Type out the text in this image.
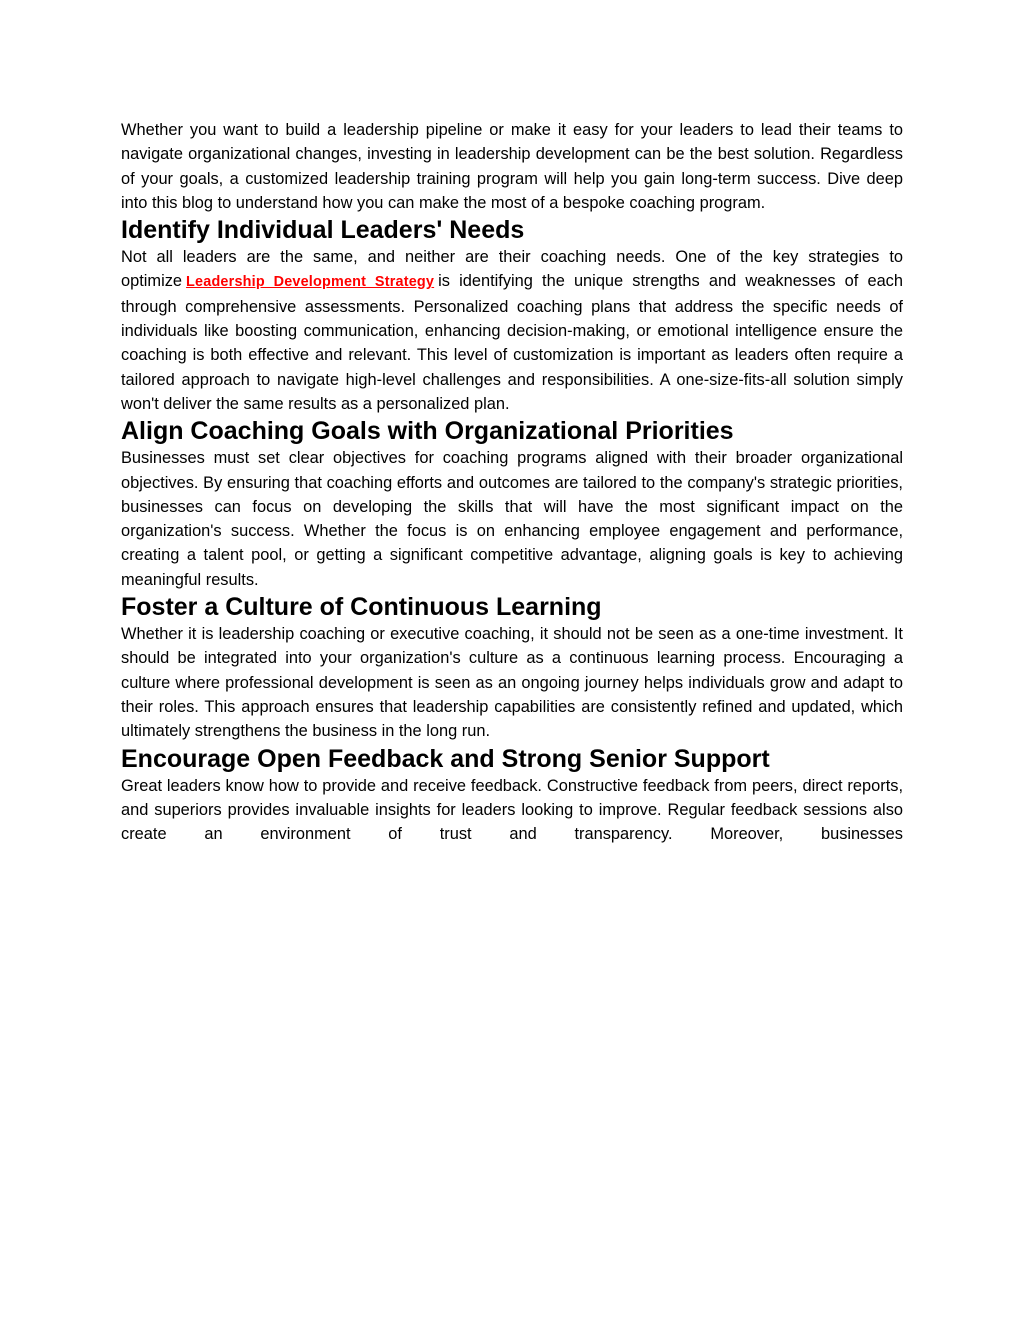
Whether you want to build a leadership pipeline or make it easy for your leaders to lead their teams to navigate organizational changes, investing in leadership development can be the best solution. Regardless of your goals, a customized leadership training program will help you gain long-term success. Dive deep into this blog to understand how you can make the most of a bespoke coaching program.

Identify Individual Leaders' Needs

Not all leaders are the same, and neither are their coaching needs. One of the key strategies to optimize Leadership Development Strategy is identifying the unique strengths and weaknesses of each through comprehensive assessments. Personalized coaching plans that address the specific needs of individuals like boosting communication, enhancing decision-making, or emotional intelligence ensure the coaching is both effective and relevant. This level of customization is important as leaders often require a tailored approach to navigate high-level challenges and responsibilities. A one-size-fits-all solution simply won't deliver the same results as a personalized plan.

Align Coaching Goals with Organizational Priorities

Businesses must set clear objectives for coaching programs aligned with their broader organizational objectives. By ensuring that coaching efforts and outcomes are tailored to the company's strategic priorities, businesses can focus on developing the skills that will have the most significant impact on the organization's success. Whether the focus is on enhancing employee engagement and performance, creating a talent pool, or getting a significant competitive advantage, aligning goals is key to achieving meaningful results.

Foster a Culture of Continuous Learning

Whether it is leadership coaching or executive coaching, it should not be seen as a one-time investment. It should be integrated into your organization's culture as a continuous learning process. Encouraging a culture where professional development is seen as an ongoing journey helps individuals grow and adapt to their roles. This approach ensures that leadership capabilities are consistently refined and updated, which ultimately strengthens the business in the long run.

Encourage Open Feedback and Strong Senior Support

Great leaders know how to provide and receive feedback. Constructive feedback from peers, direct reports, and superiors provides invaluable insights for leaders looking to improve. Regular feedback sessions also create an environment of trust and transparency. Moreover, businesses
